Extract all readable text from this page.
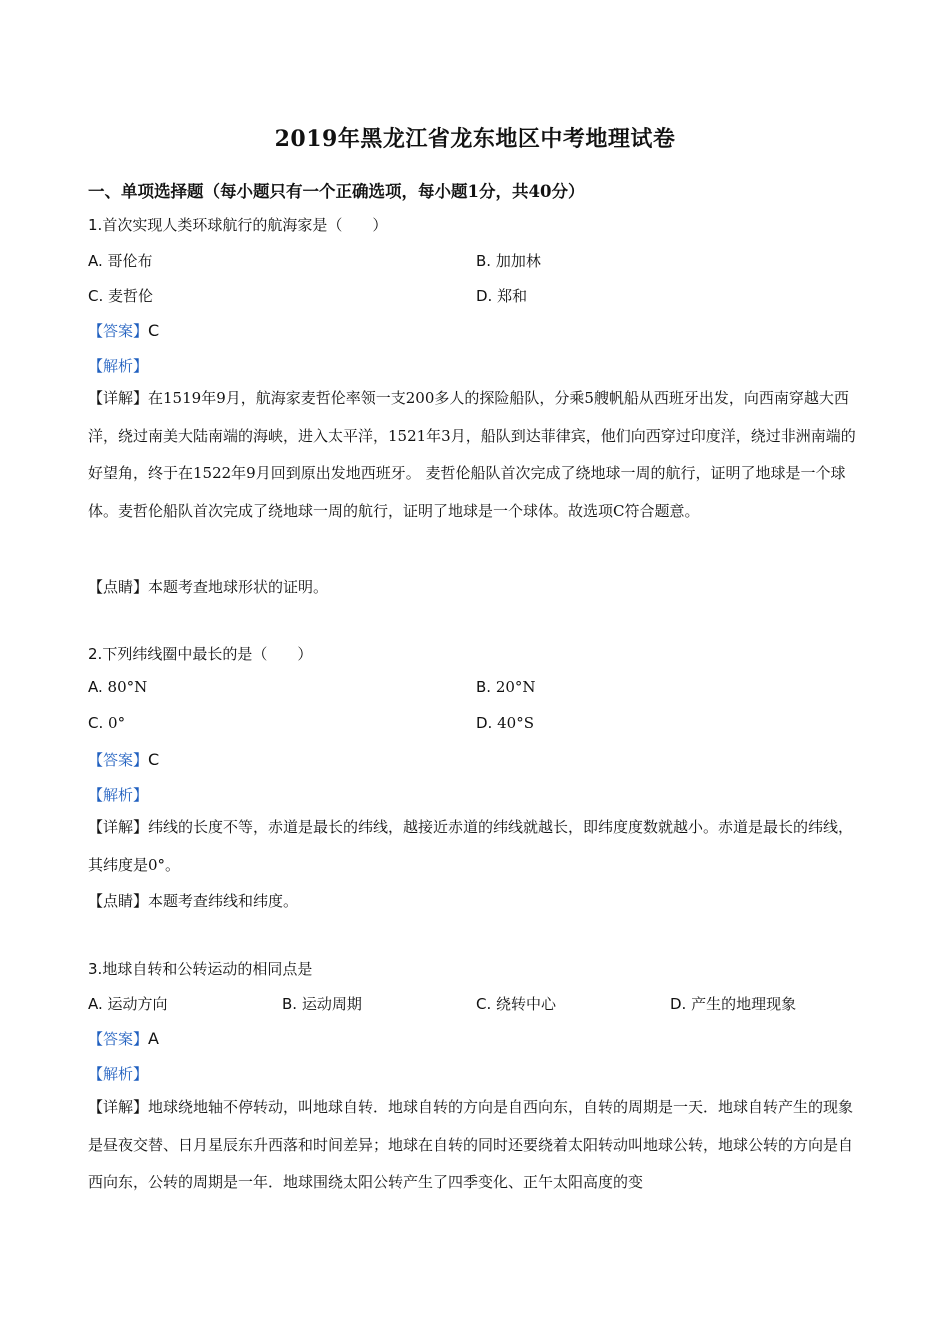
2019年黑龙江省龙东地区中考地理试卷
一、单项选择题（每小题只有一个正确选项，每小题1分，共40分）
1.首次实现人类环球航行的航海家是（　　）
A. 哥伦布	B. 加加林
C. 麦哲伦	D. 郑和
【答案】C
【解析】
【详解】在1519年9月，航海家麦哲伦率领一支200多人的探险船队，分乘5艘帆船从西班牙出发，向西南穿越大西洋，绕过南美大陆南端的海峡，进入太平洋，1521年3月，船队到达菲律宾，他们向西穿过印度洋，绕过非洲南端的好望角，终于在1522年9月回到原出发地西班牙。 麦哲伦船队首次完成了绕地球一周的航行，证明了地球是一个球体。麦哲伦船队首次完成了绕地球一周的航行，证明了地球是一个球体。故选项C符合题意。
【点睛】本题考查地球形状的证明。
2.下列纬线圈中最长的是（　　）
A. 80°N	B. 20°N
C. 0°	D. 40°S
【答案】C
【解析】
【详解】纬线的长度不等，赤道是最长的纬线，越接近赤道的纬线就越长，即纬度度数就越小。赤道是最长的纬线，其纬度是0°。
【点睛】本题考查纬线和纬度。
3.地球自转和公转运动的相同点是
A. 运动方向	B. 运动周期	C. 绕转中心	D. 产生的地理现象
【答案】A
【解析】
【详解】地球绕地轴不停转动，叫地球自转．地球自转的方向是自西向东，自转的周期是一天．地球自转产生的现象是昼夜交替、日月星辰东升西落和时间差异；地球在自转的同时还要绕着太阳转动叫地球公转，地球公转的方向是自西向东，公转的周期是一年．地球围绕太阳公转产生了四季变化、正午太阳高度的变
